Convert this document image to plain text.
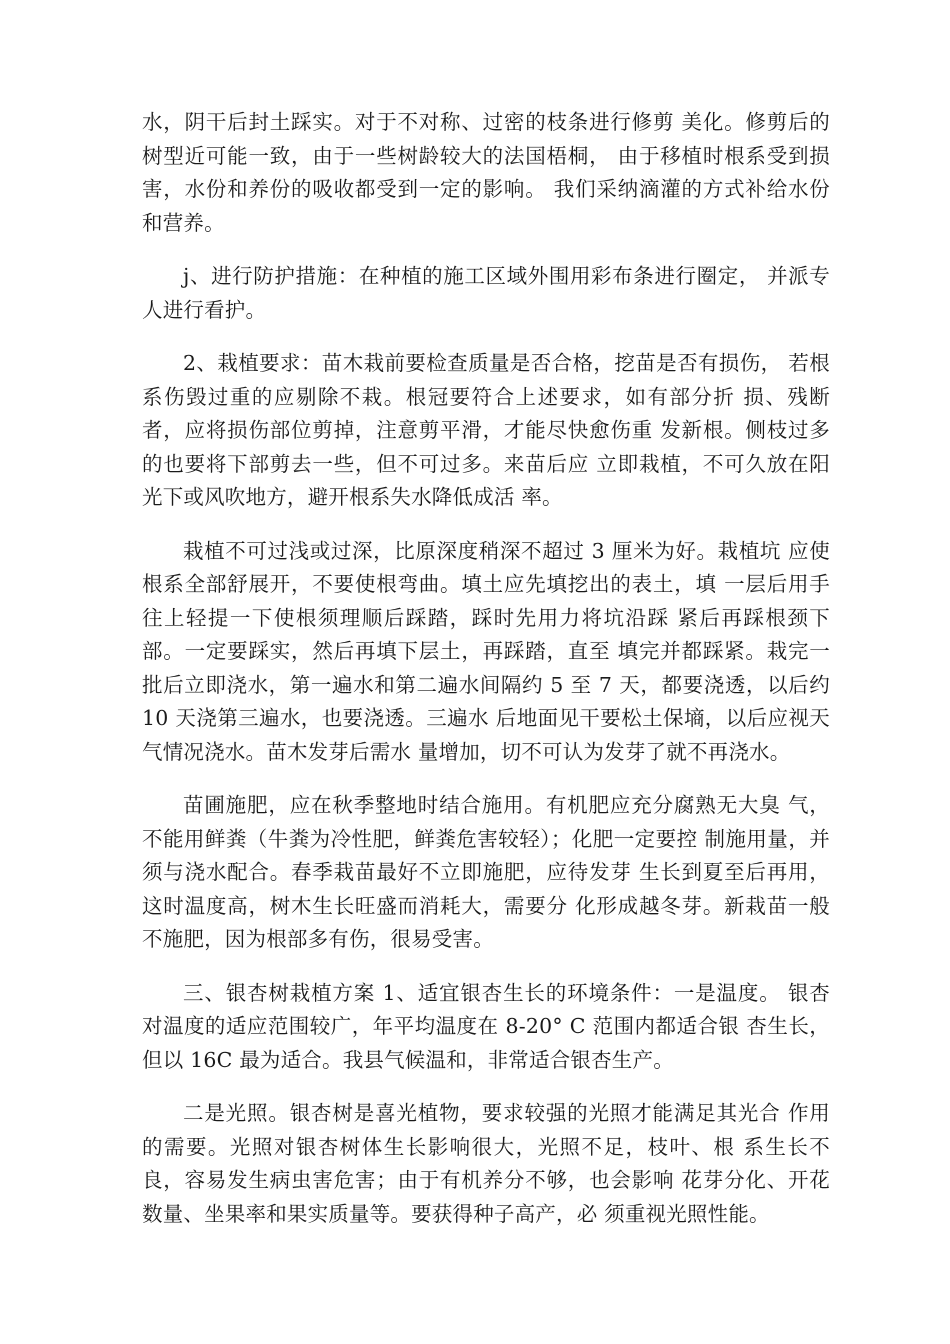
水，阴干后封土踩实。对于不对称、过密的枝条进行修剪 美化。修剪后的树型近可能一致，由于一些树龄较大的法国梧桐， 由于移植时根系受到损害，水份和养份的吸收都受到一定的影响。 我们采纳滴灌的方式补给水份和营养。

j、进行防护措施：在种植的施工区域外围用彩布条进行圈定， 并派专人进行看护。

2、栽植要求：苗木栽前要检查质量是否合格，挖苗是否有损伤， 若根系伤毁过重的应剔除不栽。根冠要符合上述要求，如有部分折 损、残断者，应将损伤部位剪掉，注意剪平滑，才能尽快愈伤重 发新根。侧枝过多的也要将下部剪去一些，但不可过多。来苗后应 立即栽植，不可久放在阳光下或风吹地方，避开根系失水降低成活 率。

栽植不可过浅或过深，比原深度稍深不超过 3 厘米为好。栽植坑 应使根系全部舒展开，不要使根弯曲。填土应先填挖出的表土，填 一层后用手往上轻提一下使根须理顺后踩踏，踩时先用力将坑沿踩 紧后再踩根颈下部。一定要踩实，然后再填下层土，再踩踏，直至 填完并都踩紧。栽完一批后立即浇水，第一遍水和第二遍水间隔约 5 至 7 天，都要浇透，以后约 10 天浇第三遍水，也要浇透。三遍水 后地面见干要松土保墒，以后应视天气情况浇水。苗木发芽后需水 量增加，切不可认为发芽了就不再浇水。

苗圃施肥，应在秋季整地时结合施用。有机肥应充分腐熟无大臭 气，不能用鲜粪（牛粪为冷性肥，鲜粪危害较轻）；化肥一定要控 制施用量，并须与浇水配合。春季栽苗最好不立即施肥，应待发芽 生长到夏至后再用，这时温度高，树木生长旺盛而消耗大，需要分 化形成越冬芽。新栽苗一般不施肥，因为根部多有伤，很易受害。

三、银杏树栽植方案 1、适宜银杏生长的环境条件：一是温度。 银杏对温度的适应范围较广，年平均温度在 8-20° C 范围内都适合银 杏生长，但以 16C 最为适合。我县气候温和，非常适合银杏生产。

二是光照。银杏树是喜光植物，要求较强的光照才能满足其光合 作用的需要。光照对银杏树体生长影响很大，光照不足，枝叶、根 系生长不良，容易发生病虫害危害；由于有机养分不够，也会影响 花芽分化、开花数量、坐果率和果实质量等。要获得种子高产，必 须重视光照性能。
